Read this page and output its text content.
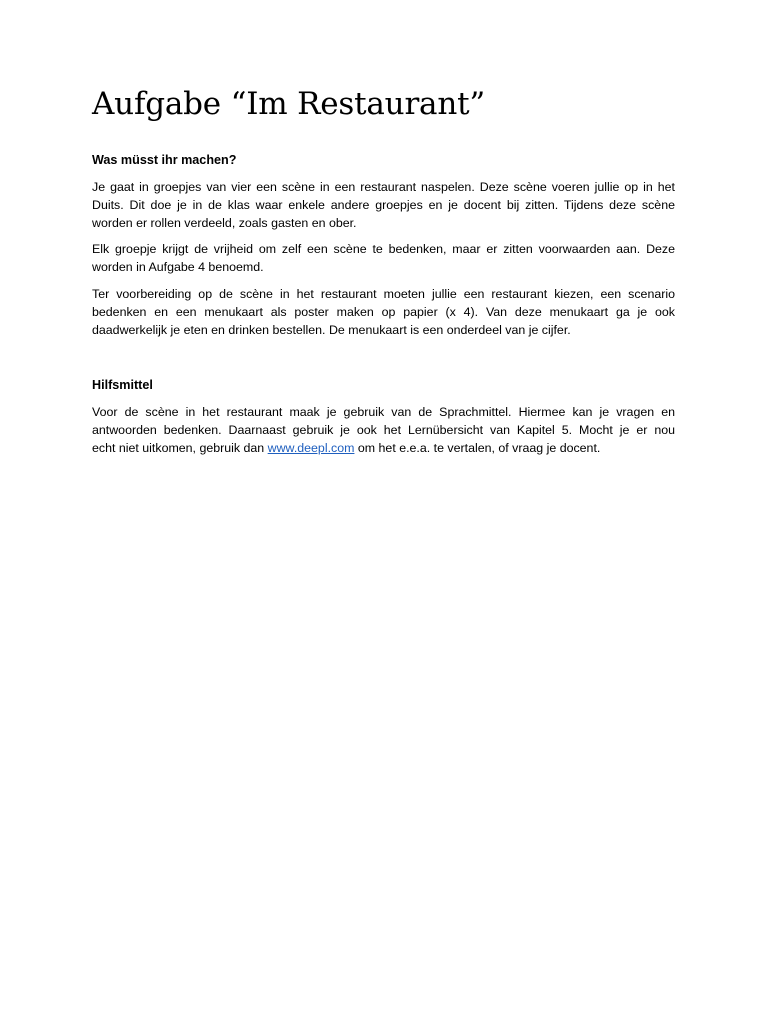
Aufgabe “Im Restaurant”
Was müsst ihr machen?

Je gaat in groepjes van vier een scène in een restaurant naspelen. Deze scène voeren jullie op in het
Duits. Dit doe je in de klas waar enkele andere groepjes en je docent bij zitten. Tijdens deze scène
worden er rollen verdeeld, zoals gasten en ober.

Elk groepje krijgt de vrijheid om zelf een scène te bedenken, maar er zitten voorwaarden aan. Deze
worden in Aufgabe 4 benoemd.

Ter voorbereiding op de scène in het restaurant moeten jullie een restaurant kiezen, een scenario
bedenken en een menukaart als poster maken op papier (x 4). Van deze menukaart ga je ook
daadwerkelijk je eten en drinken bestellen. De menukaart is een onderdeel van je cijfer.

Hilfsmittel

Voor de scène in het restaurant maak je gebruik van de Sprachmittel. Hiermee kan je vragen en
antwoorden bedenken. Daarnaast gebruik je ook het Lernübersicht van Kapitel 5. Mocht je er nou
echt niet uitkomen, gebruik dan www.deepl.com om het e.e.a. te vertalen, of vraag je docent.
